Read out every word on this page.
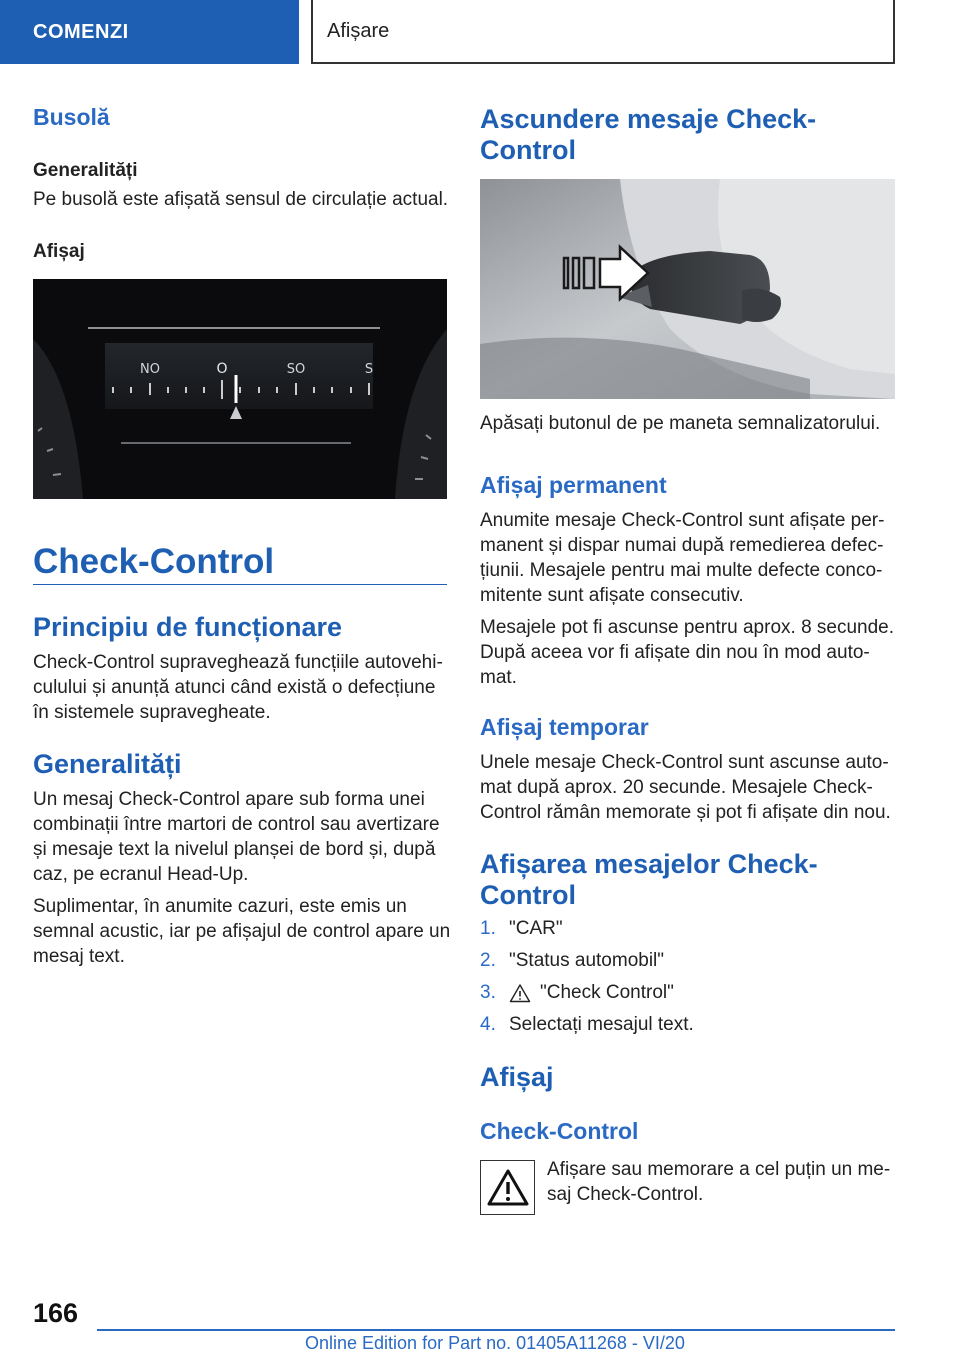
COMENZI	Afișare
Busolă
Generalități

Pe busolă este afișată sensul de circulație actual.

Afișaj
NO	O	SO	S
Check-Control
Principiu de funcționare

Check-Control supraveghează funcțiile autovehi-

culului și anunță atunci când există o defecțiune

în sistemele supravegheate.

Generalități

Un mesaj Check-Control apare sub forma unei

combinații între martori de control sau avertizare

și mesaje text la nivelul planșei de bord și, după

caz, pe ecranul Head-Up.

Suplimentar, în anumite cazuri, este emis un

semnal acustic, iar pe afișajul de control apare un

mesaj text.

Ascundere mesaje Check-
Control

Apăsați butonul de pe maneta semnalizatorului.

Afișaj permanent

Anumite mesaje Check-Control sunt afișate per-

manent și dispar numai după remedierea defec-

țiunii. Mesajele pentru mai multe defecte conco-

mitente sunt afișate consecutiv.

Mesajele pot fi ascunse pentru aprox. 8 secunde.

După aceea vor fi afișate din nou în mod auto-

mat.

Afișaj temporar

Unele mesaje Check-Control sunt ascunse auto-

mat după aprox. 20 secunde. Mesajele Check-

Control rămân memorate și pot fi afișate din nou.

Afișarea mesajelor Check-
Control
1. "CAR"
2. "Status automobil"
3.	"Check Control"
4. Selectați mesajul text.
Afișaj
Check-Control

Afișare sau memorare a cel puțin un me-

saj Check-Control.

166
Online Edition for Part no. 01405A11268 - VI/20
